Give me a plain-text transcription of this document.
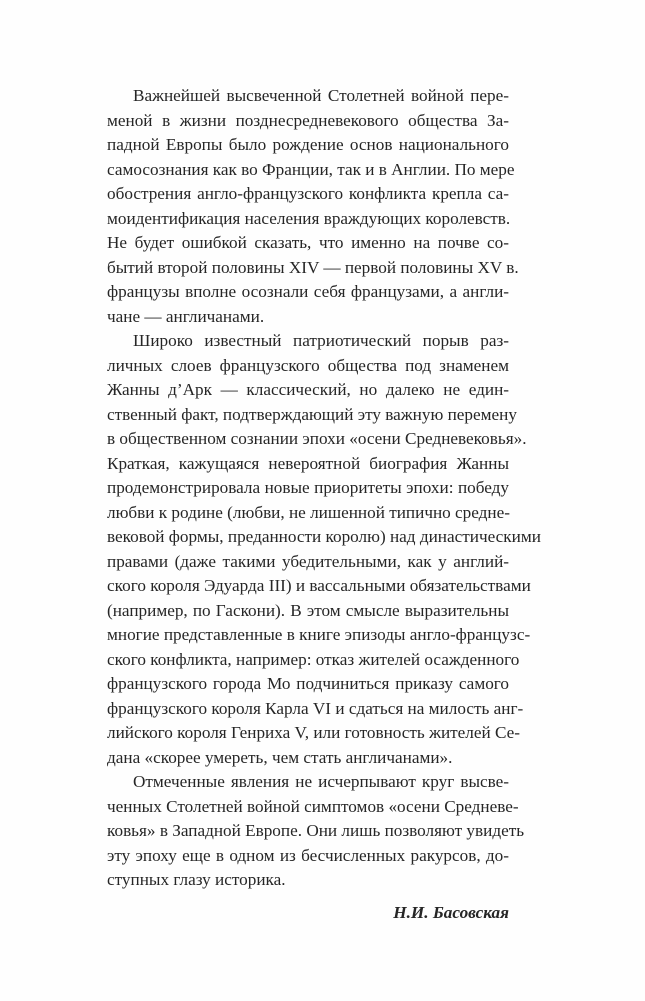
Важнейшей высвеченной Столетней войной пере-
меной в жизни позднесредневекового общества За-
падной Европы было рождение основ национального
самосознания как во Франции, так и в Англии. По мере
обострения англо-французского конфликта крепла са-
моидентификация населения враждующих королевств.
Не будет ошибкой сказать, что именно на почве со-
бытий второй половины XIV — первой половины XV в.
французы вполне осознали себя французами, а англи-
чане — англичанами.
Широко известный патриотический порыв раз-
личных слоев французского общества под знаменем
Жанны д’Арк — классический, но далеко не един-
ственный факт, подтверждающий эту важную перемену
в общественном сознании эпохи «осени Средневековья».
Краткая, кажущаяся невероятной биография Жанны
продемонстрировала новые приоритеты эпохи: победу
любви к родине (любви, не лишенной типично средне-
вековой формы, преданности королю) над династическими
правами (даже такими убедительными, как у англий-
ского короля Эдуарда III) и вассальными обязательствами
(например, по Гаскони). В этом смысле выразительны
многие представленные в книге эпизоды англо-французс-
ского конфликта, например: отказ жителей осажденного
французского города Мо подчиниться приказу самого
французского короля Карла VI и сдаться на милость анг-
лийского короля Генриха V, или готовность жителей Се-
дана «скорее умереть, чем стать англичанами».
Отмеченные явления не исчерпывают круг высве-
ченных Столетней войной симптомов «осени Средневе-
ковья» в Западной Европе. Они лишь позволяют увидеть
эту эпоху еще в одном из бесчисленных ракурсов, до-
ступных глазу историка.
Н.И. Басовская
